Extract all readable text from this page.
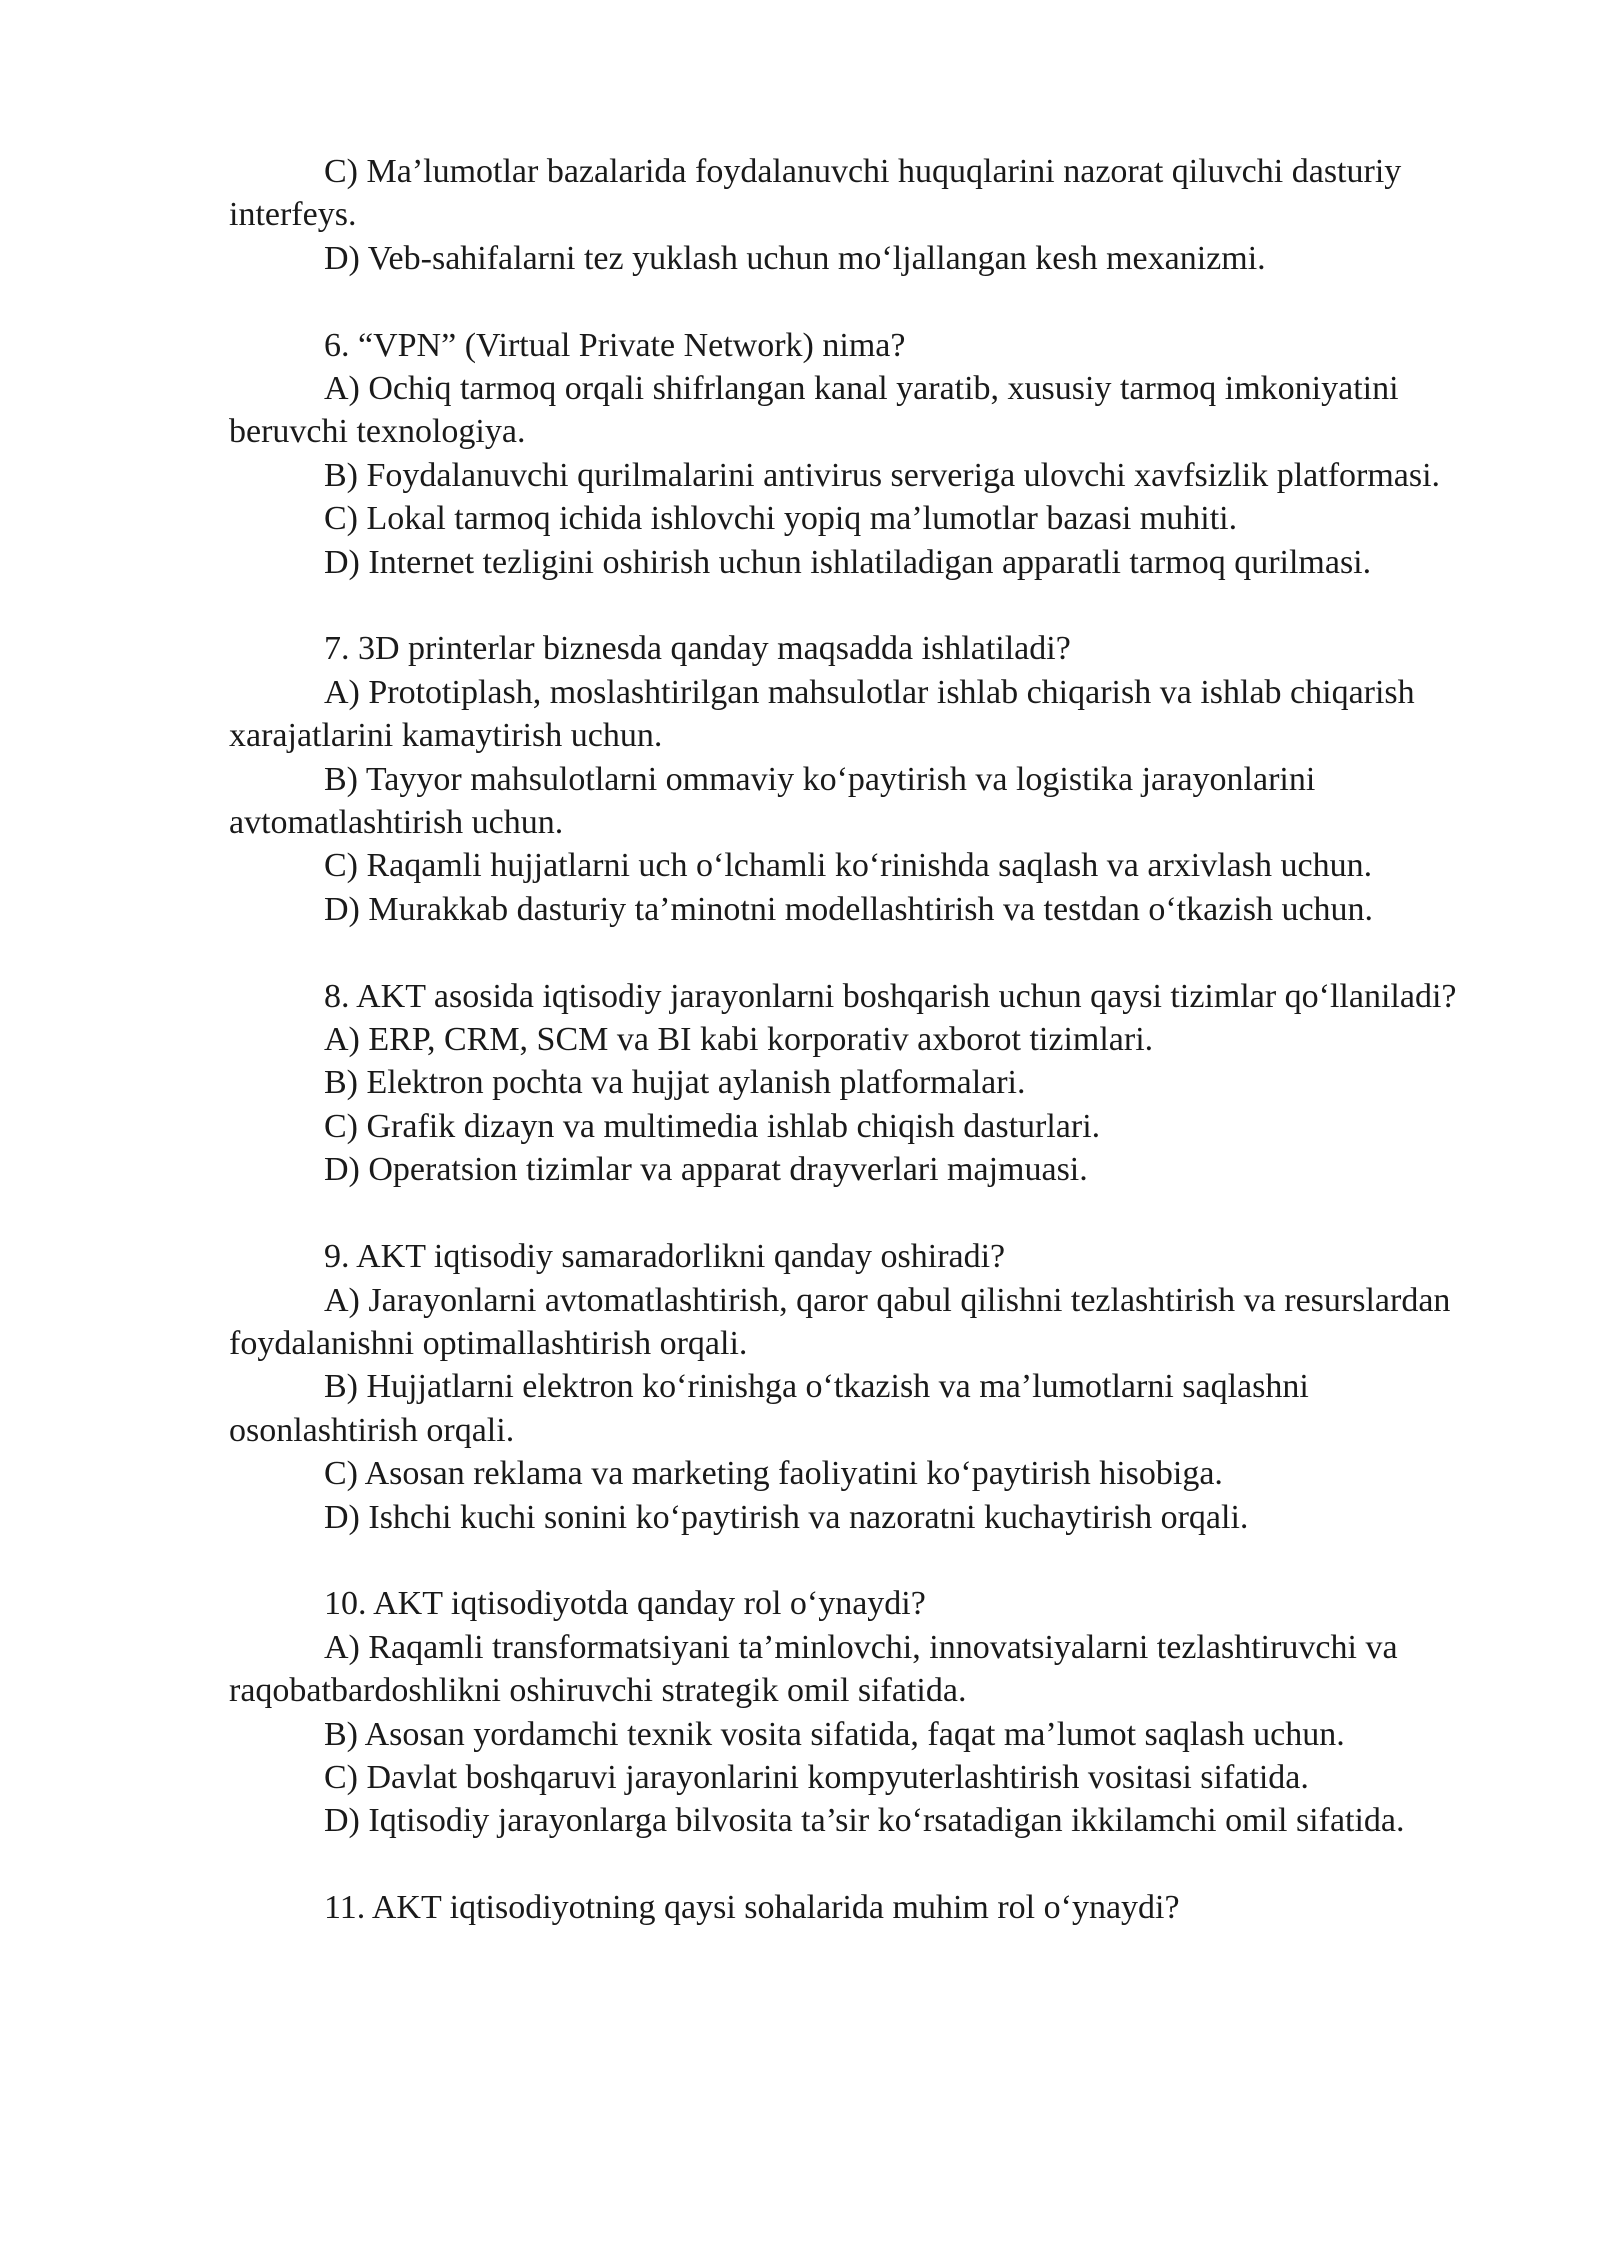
C) Ma’lumotlar bazalarida foydalanuvchi huquqlarini nazorat qiluvchi dasturiy interfeys.

D) Veb-sahifalarni tez yuklash uchun mo‘ljallangan kesh mexanizmi.

6. “VPN” (Virtual Private Network) nima?

A) Ochiq tarmoq orqali shifrlangan kanal yaratib, xususiy tarmoq imkoniyatini beruvchi texnologiya.

B) Foydalanuvchi qurilmalarini antivirus serveriga ulovchi xavfsizlik platformasi.

C) Lokal tarmoq ichida ishlovchi yopiq ma’lumotlar bazasi muhiti.

D) Internet tezligini oshirish uchun ishlatiladigan apparatli tarmoq qurilmasi.

7. 3D printerlar biznesda qanday maqsadda ishlatiladi?

A) Prototiplash, moslashtirilgan mahsulotlar ishlab chiqarish va ishlab chiqarish xarajatlarini kamaytirish uchun.

B) Tayyor mahsulotlarni ommaviy ko‘paytirish va logistika jarayonlarini avtomatlashtirish uchun.

C) Raqamli hujjatlarni uch o‘lchamli ko‘rinishda saqlash va arxivlash uchun.

D) Murakkab dasturiy ta’minotni modellashtirish va testdan o‘tkazish uchun.

8. AKT asosida iqtisodiy jarayonlarni boshqarish uchun qaysi tizimlar qo‘llaniladi?

A) ERP, CRM, SCM va BI kabi korporativ axborot tizimlari.

B) Elektron pochta va hujjat aylanish platformalari.

C) Grafik dizayn va multimedia ishlab chiqish dasturlari.

D) Operatsion tizimlar va apparat drayverlari majmuasi.

9. AKT iqtisodiy samaradorlikni qanday oshiradi?

A) Jarayonlarni avtomatlashtirish, qaror qabul qilishni tezlashtirish va resurslardan foydalanishni optimallashtirish orqali.

B) Hujjatlarni elektron ko‘rinishga o‘tkazish va ma’lumotlarni saqlashni osonlashtirish orqali.

C) Asosan reklama va marketing faoliyatini ko‘paytirish hisobiga.

D) Ishchi kuchi sonini ko‘paytirish va nazoratni kuchaytirish orqali.

10. AKT iqtisodiyotda qanday rol o‘ynaydi?

A) Raqamli transformatsiyani ta’minlovchi, innovatsiyalarni tezlashtiruvchi va raqobatbardoshlikni oshiruvchi strategik omil sifatida.

B) Asosan yordamchi texnik vosita sifatida, faqat ma’lumot saqlash uchun.

C) Davlat boshqaruvi jarayonlarini kompyuterlashtirish vositasi sifatida.

D) Iqtisodiy jarayonlarga bilvosita ta’sir ko‘rsatadigan ikkilamchi omil sifatida.

11. AKT iqtisodiyotning qaysi sohalarida muhim rol o‘ynaydi?
